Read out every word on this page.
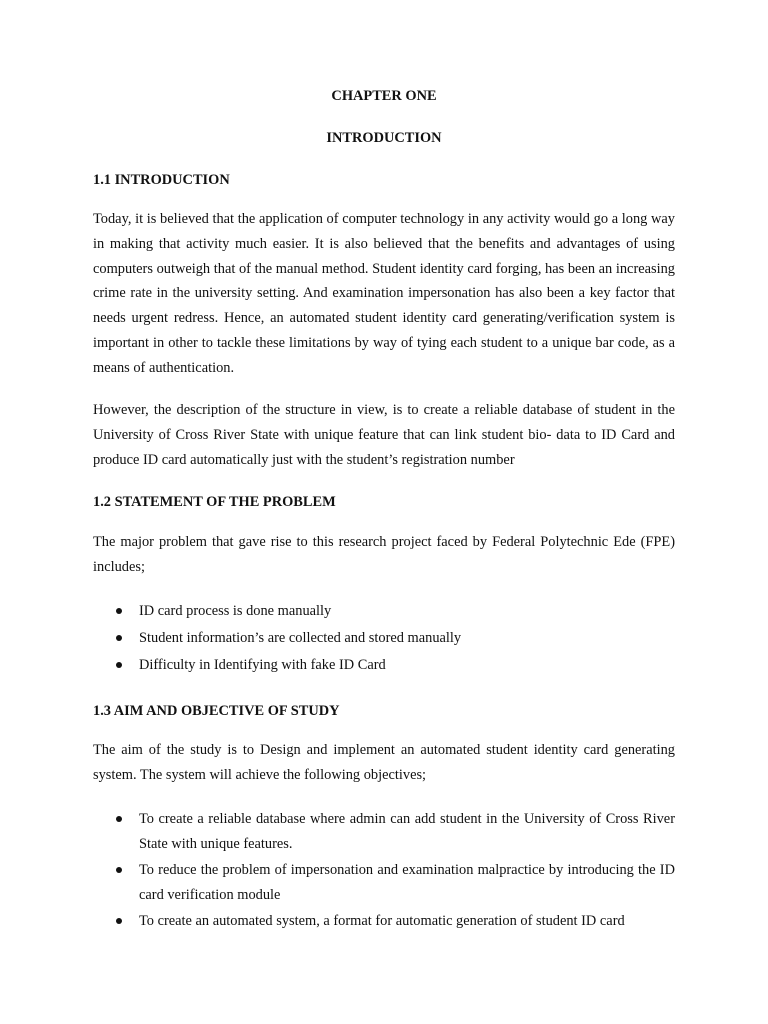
CHAPTER ONE
INTRODUCTION
1.1 INTRODUCTION

Today, it is believed that the application of computer technology in any activity would go a long way in making that activity much easier. It is also believed that the benefits and advantages of using computers outweigh that of the manual method. Student identity card forging, has been an increasing crime rate in the university setting. And examination impersonation has also been a key factor that needs urgent redress. Hence, an automated student identity card generating/verification system is important in other to tackle these limitations by way of tying each student to a unique bar code, as a means of authentication.

However, the description of the structure in view, is to create a reliable database of student in the University of Cross River State with unique feature that can link student bio- data to ID Card and produce ID card automatically just with the student’s registration number

1.2 STATEMENT OF THE PROBLEM

The major problem that gave rise to this research project faced by Federal Polytechnic Ede (FPE) includes;

ID card process is done manually
Student information’s are collected and stored manually
Difficulty in Identifying with fake ID Card
1.3 AIM AND OBJECTIVE OF STUDY

The aim of the study is to Design and implement an automated student identity card generating system. The system will achieve the following objectives;

To create a reliable database where admin can add student in the University of Cross River State with unique features.
To reduce the problem of impersonation and examination malpractice by introducing the ID card verification module
To create an automated system, a format for automatic generation of student ID card
